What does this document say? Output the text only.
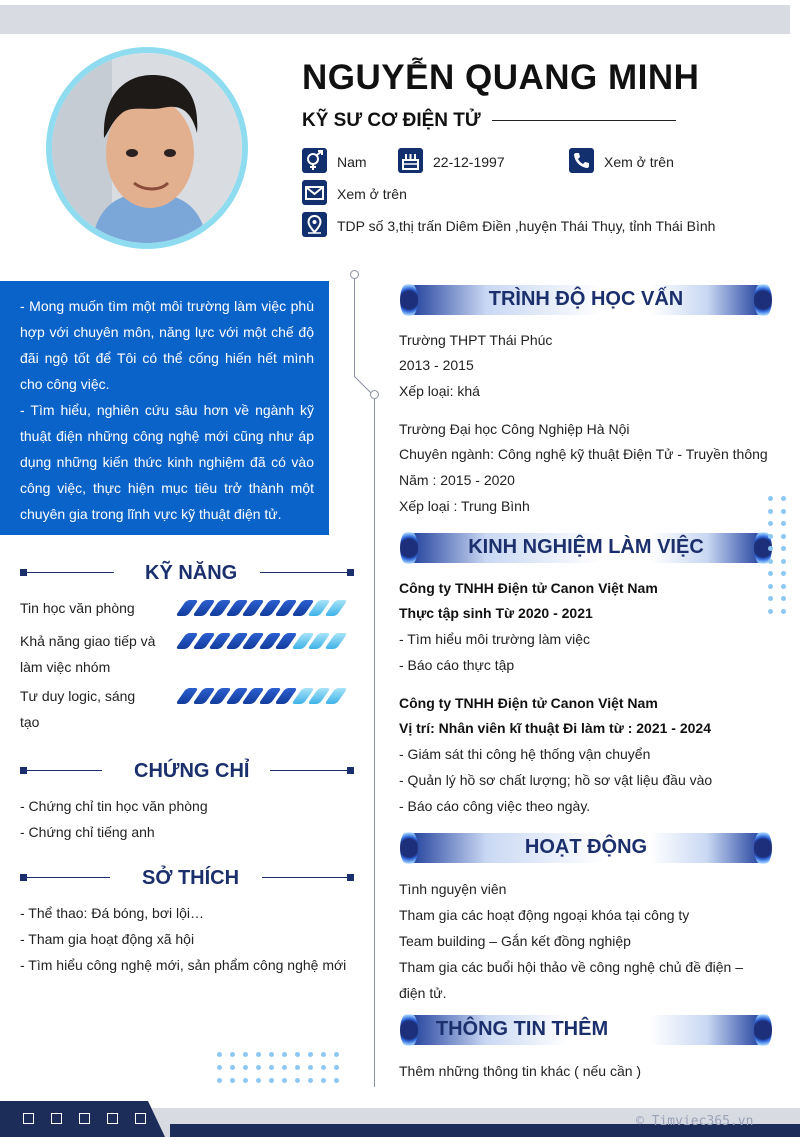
NGUYỄN QUANG MINH
KỸ SƯ CƠ ĐIỆN TỬ
Nam	22-12-1997	Xem ở trên
Xem ở trên
TDP số 3,thị trấn Diêm Điền ,huyện Thái Thụy, tỉnh Thái Bình

- Mong muốn tìm một môi trường làm việc phù hợp với chuyên môn, năng lực với một chế độ đãi ngộ tốt để Tôi có thể cống hiến hết mình cho công việc.
- Tìm hiểu, nghiên cứu sâu hơn về ngành kỹ thuật điện những công nghệ mới cũng như áp dụng những kiến thức kinh nghiệm đã có vào công việc, thực hiện mục tiêu trở thành một chuyên gia trong lĩnh vực kỹ thuật điện tử.

KỸ NĂNG
Tin học văn phòng
Khả năng giao tiếp và
làm việc nhóm
Tư duy logic, sáng
tạo
CHỨNG CHỈ
- Chứng chỉ tin học văn phòng
- Chứng chỉ tiếng anh
SỞ THÍCH
- Thể thao: Đá bóng, bơi lội…
- Tham gia hoạt động xã hội
- Tìm hiểu công nghệ mới, sản phẩm công nghệ mới
TRÌNH ĐỘ HỌC VẤN
Trường THPT Thái Phúc
2013 - 2015
Xếp loại: khá
Trường Đại học Công Nghiệp Hà Nội
Chuyên ngành: Công nghệ kỹ thuật Điện Tử - Truyền thông
Năm : 2015 - 2020
Xếp loại : Trung Bình
KINH NGHIỆM LÀM VIỆC
Công ty TNHH Điện tử Canon Việt Nam
Thực tập sinh Từ 2020 - 2021
- Tìm hiểu môi trường làm việc
- Báo cáo thực tập
Công ty TNHH Điện tử Canon Việt Nam
Vị trí: Nhân viên kĩ thuật Đi làm từ : 2021 - 2024
- Giám sát thi công hệ thống vận chuyển
- Quản lý hồ sơ chất lượng; hồ sơ vật liệu đầu vào
- Báo cáo công việc theo ngày.
HOẠT ĐỘNG
Tình nguyện viên
Tham gia các hoạt động ngoại khóa tại công ty
Team building – Gắn kết đồng nghiệp
Tham gia các buổi hội thảo về công nghệ chủ đề điện –
điện tử.
THÔNG TIN THÊM
Thêm những thông tin khác ( nếu cần )
© Timviec365.vn
